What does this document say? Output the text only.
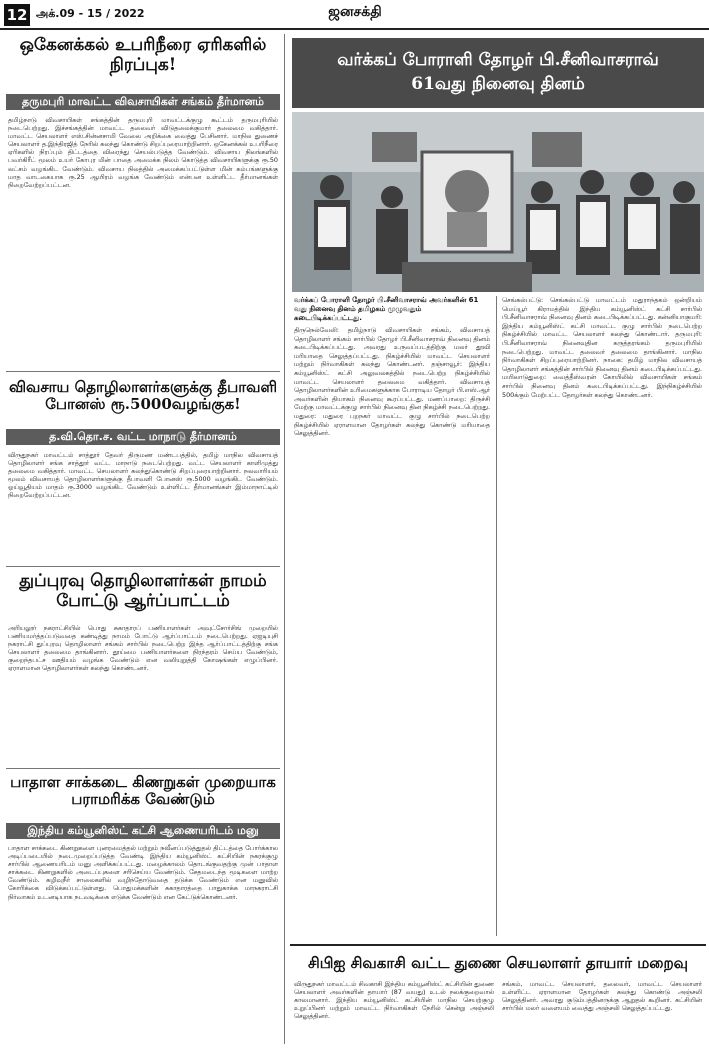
12 அக்.09 - 15 / 2022	ஜனசக்தி
ஒகேனக்கல் உபரிநீரை ஏரிகளில் நிரப்புக!
தருமபுரி மாவட்ட விவசாயிகள் சங்கம் தீர்மானம்
தமிழ்நாடு விவசாயிகள் சங்கத்தின் தருமபுரி மாவட்டக்குழு கூட்டம் தருமபுரியில் நடைபெற்றது. இச்சங்கத்தின் மாவட்ட தலைவர் விடுதலைக்குமார் தலைமை வகித்தார். மாவட்ட செயலாளர் எஸ்.சின்னசாமி வேலை அறிக்கை வைத்து பேசினார். மாநில துணைச் செயலாளர் த.இந்திரஜித் நேரில் கலந்து கொண்டு சிறப்புரையாற்றினார். ஒகேனக்கல் உபரிநீரை ஏரிகளில் நிரப்பும் திட்டத்தை விரைந்து செயல்படுத்த வேண்டும். விவசாய நிலங்களில் பவர்கிரீட் மூலம் உயர் கோபுர மின் பாதை அமைக்க நிலம் கொடுத்த விவசாயிகளுக்கு ரூ.50 லட்சம் வழங்கிட வேண்டும். விவசாய நிலத்தில் அமைக்கப்பட்டுள்ள மின் கம்பங்களுக்கு மாத வாடகையாக ரூ.25 ஆயிரம் வழங்க வேண்டும் என்பன உள்ளிட்ட தீர்மானங்கள் நிறைவேற்றப்பட்டன.
விவசாய தொழிலாளர்களுக்கு தீபாவளி போனஸ் ரூ.5000வழங்குக!
த.வி.தொ.ச. வட்ட மாநாடு தீர்மானம்
விருதுநகர் மாவட்டம் சாத்தூர் தேவர் திருமண மண்டபத்தில், தமிழ் மாநில விவசாயத் தொழிலாளர் சங்க சாத்தூர் வட்ட மாநாடு நடைபெற்றது. வட்ட செயலாளர் காளிமுத்து தலைமை வகித்தார். மாவட்ட செயலாளர் கலந்துகொண்டு சிறப்புரையாற்றினார். நலவாரியம் மூலம் விவசாயத் தொழிலாளர்களுக்கு தீபாவளி போனஸ் ரூ.5000 வழங்கிட வேண்டும். ஓய்வூதியம் மாதம் ரூ.3000 வழங்கிட வேண்டும் உள்ளிட்ட தீர்மானங்கள் இம்மாநாட்டில் நிறைவேற்றப்பட்டன.
துப்புரவு தொழிலாளர்கள் நாமம் போட்டு ஆர்ப்பாட்டம்
அரியலூர் நகராட்சியில் பொது சுகாதாரப் பணியாளர்கள் அவுட்சோர்சிங் முறையில் பணியமர்த்தப்படுவதை கண்டித்து நாமம் போட்டு ஆர்ப்பாட்டம் நடைபெற்றது. ஏஐடியுசி நகராட்சி துப்புரவு தொழிலாளர் சங்கம் சார்பில் நடைபெற்ற இந்த ஆர்ப்பாட்டத்திற்கு சங்க செயலாளர் தலைமை தாங்கினார். தூய்மை பணியாளர்களை நிரந்தரம் செய்ய வேண்டும், குறைந்தபட்ச ஊதியம் வழங்க வேண்டும் என வலியுறுத்தி கோஷங்கள் எழுப்பினர். ஏராளமான தொழிலாளர்கள் கலந்து கொண்டனர்.
பாதாள சாக்கடை கிணறுகள் முறையாக பராமரிக்க வேண்டும்
இந்திய கம்யூனிஸ்ட் கட்சி ஆணையரிடம் மனு
பாதாள சாக்கடை கிணறுகளை புனரமைத்தல் மற்றும் நவீனப்படுத்துதல் திட்டத்தை போர்க்கால அடிப்படையில் நடைமுறைப்படுத்த வேண்டி இந்திய கம்யூனிஸ்ட் கட்சியின் நகரக்குழு சார்பில் ஆணையரிடம் மனு அளிக்கப்பட்டது. மழைக்காலம் தொடங்குவதற்கு முன் பாதாள சாக்கடை கிணறுகளில் அடைப்புகளை சரிசெய்ய வேண்டும். சேதமடைந்த மூடிகளை மாற்ற வேண்டும். கழிவுநீர் சாலைகளில் வழிந்தோடுவதை தடுக்க வேண்டும் என மனுவில் கோரிக்கை விடுக்கப்பட்டுள்ளது. பொதுமக்களின் சுகாதாரத்தை பாதுகாக்க மாநகராட்சி நிர்வாகம் உடனடியாக நடவடிக்கை எடுக்க வேண்டும் என கேட்டுக்கொண்டனர்.
வர்க்கப் போராளி தோழர் பி.சீனிவாசராவ் 61வது நினைவு தினம்
வர்க்கப் போராளி தோழர் பி.சீனிவாசராவ் அவர்களின் 61 வது நினைவு தினம் தமிழகம் முழுவதும் கடைபிடிக்கப்பட்டது.
திருநெல்வேலி: தமிழ்நாடு விவசாயிகள் சங்கம், விவசாயத் தொழிலாளர் சங்கம் சார்பில் தோழர் பி.சீனிவாசராவ் நினைவு தினம் கடைபிடிக்கப்பட்டது. அவரது உருவப்படத்திற்கு மலர் தூவி மரியாதை செலுத்தப்பட்டது. நிகழ்ச்சியில் மாவட்ட செயலாளர் மற்றும் நிர்வாகிகள் கலந்து கொண்டனர். தஞ்சாவூர்: இந்திய கம்யூனிஸ்ட் கட்சி அலுவலகத்தில் நடைபெற்ற நிகழ்ச்சியில் மாவட்ட செயலாளர் தலைமை வகித்தார். விவசாயத் தொழிலாளர்களின் உரிமைகளுக்காக போராடிய தோழர் பி.எஸ்.ஆர் அவர்களின் தியாகம் நினைவு கூரப்பட்டது. மணப்பாறை: திருச்சி மேற்கு மாவட்டக்குழு சார்பில் நினைவு தின நிகழ்ச்சி நடைபெற்றது. மதுரை: மதுரை புறநகர் மாவட்ட குழு சார்பில் நடைபெற்ற நிகழ்ச்சியில் ஏராளமான தோழர்கள் கலந்து கொண்டு மரியாதை செலுத்தினர்.
செங்கல்பட்டு: செங்கல்பட்டு மாவட்டம் மதுராந்தகம் ஒன்றியம் மெய்யூர் கிராமத்தில் இந்திய கம்யூனிஸ்ட் கட்சி சார்பில் பி.சீனிவாசராவ் நினைவு தினம் கடைபிடிக்கப்பட்டது. கன்னியாகுமரி: இந்திய கம்யூனிஸ்ட் கட்சி மாவட்ட குழு சார்பில் நடைபெற்ற நிகழ்ச்சியில் மாவட்ட செயலாளர் கலந்து கொண்டார். தருமபுரி: பி.சீனிவாசராவ் நினைவுதின கருத்தரங்கம் தருமபுரியில் நடைபெற்றது. மாவட்ட தலைவர் தலைமை தாங்கினார். மாநில நிர்வாகிகள் சிறப்புரையாற்றினர். நாகை: தமிழ் மாநில விவசாயத் தொழிலாளர் சங்கத்தின் சார்பில் நினைவு தினம் கடைபிடிக்கப்பட்டது. மயிலாடுதுறை: வைத்தீஸ்வரன் கோயிலில் விவசாயிகள் சங்கம் சார்பில் நினைவு தினம் கடைபிடிக்கப்பட்டது. இந்நிகழ்ச்சியில் 500க்கும் மேற்பட்ட தோழர்கள் கலந்து கொண்டனர்.
சிபிஐ சிவகாசி வட்ட துணை செயலாளர் தாயார் மறைவு
விருதுநகர் மாவட்டம் சிவகாசி இந்திய கம்யூனிஸ்ட் கட்சியின் துணை செயலாளர் அவர்களின் தாயார் (87 வயது) உடல் நலக்குறைவால் காலமானார். இந்திய கம்யூனிஸ்ட் கட்சியின் மாநில செயற்குழு உறுப்பினர் மற்றும் மாவட்ட நிர்வாகிகள் நேரில் சென்று அஞ்சலி செலுத்தினர்.
சங்கம், மாவட்ட செயலாளர், தலைவர், மாவட்ட செயலாளர் உள்ளிட்ட ஏராளமான தோழர்கள் கலந்து கொண்டு அஞ்சலி செலுத்தினர். அவரது குடும்பத்தினருக்கு ஆறுதல் கூறினர். கட்சியின் சார்பில் மலர் வளையம் வைத்து அஞ்சலி செலுத்தப்பட்டது.
